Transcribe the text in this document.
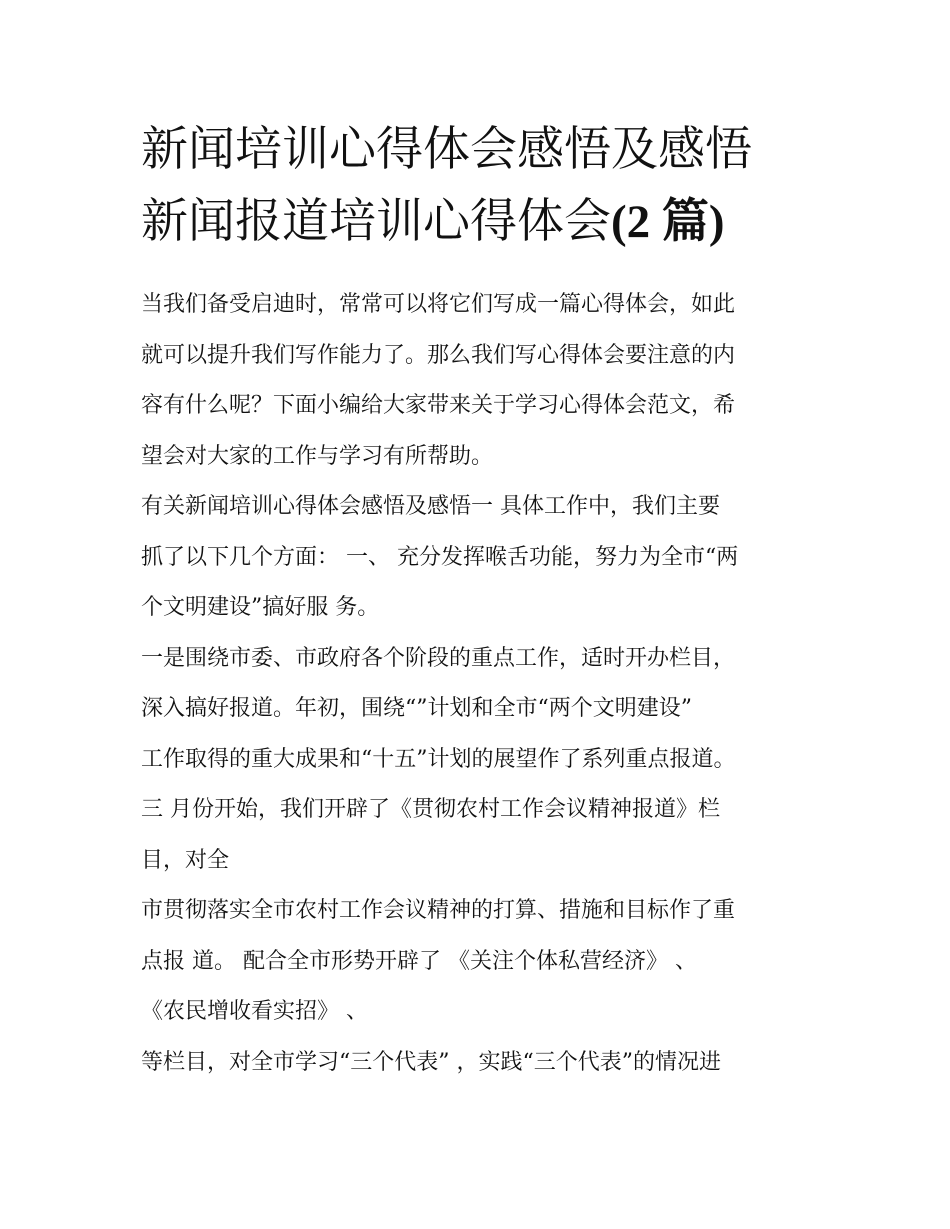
新闻培训心得体会感悟及感悟
新闻报道培训心得体会(2 篇)
当我们备受启迪时，常常可以将它们写成一篇心得体会，如此
就可以提升我们写作能力了。那么我们写心得体会要注意的内
容有什么呢？下面小编给大家带来关于学习心得体会范文，希
望会对大家的工作与学习有所帮助。
有关新闻培训心得体会感悟及感悟一 具体工作中，我们主要
抓了以下几个方面： 一、 充分发挥喉舌功能，努力为全市“两
个文明建设”搞好服 务。
一是围绕市委、市政府各个阶段的重点工作，适时开办栏目，
深入搞好报道。年初，围绕“”计划和全市“两个文明建设”
工作取得的重大成果和“十五”计划的展望作了系列重点报道。
三 月份开始，我们开辟了《贯彻农村工作会议精神报道》栏
目，对全
市贯彻落实全市农村工作会议精神的打算、措施和目标作了重
点报 道。 配合全市形势开辟了 《关注个体私营经济》 、
《农民增收看实招》 、
等栏目，对全市学习“三个代表” ，实践“三个代表”的情况进
